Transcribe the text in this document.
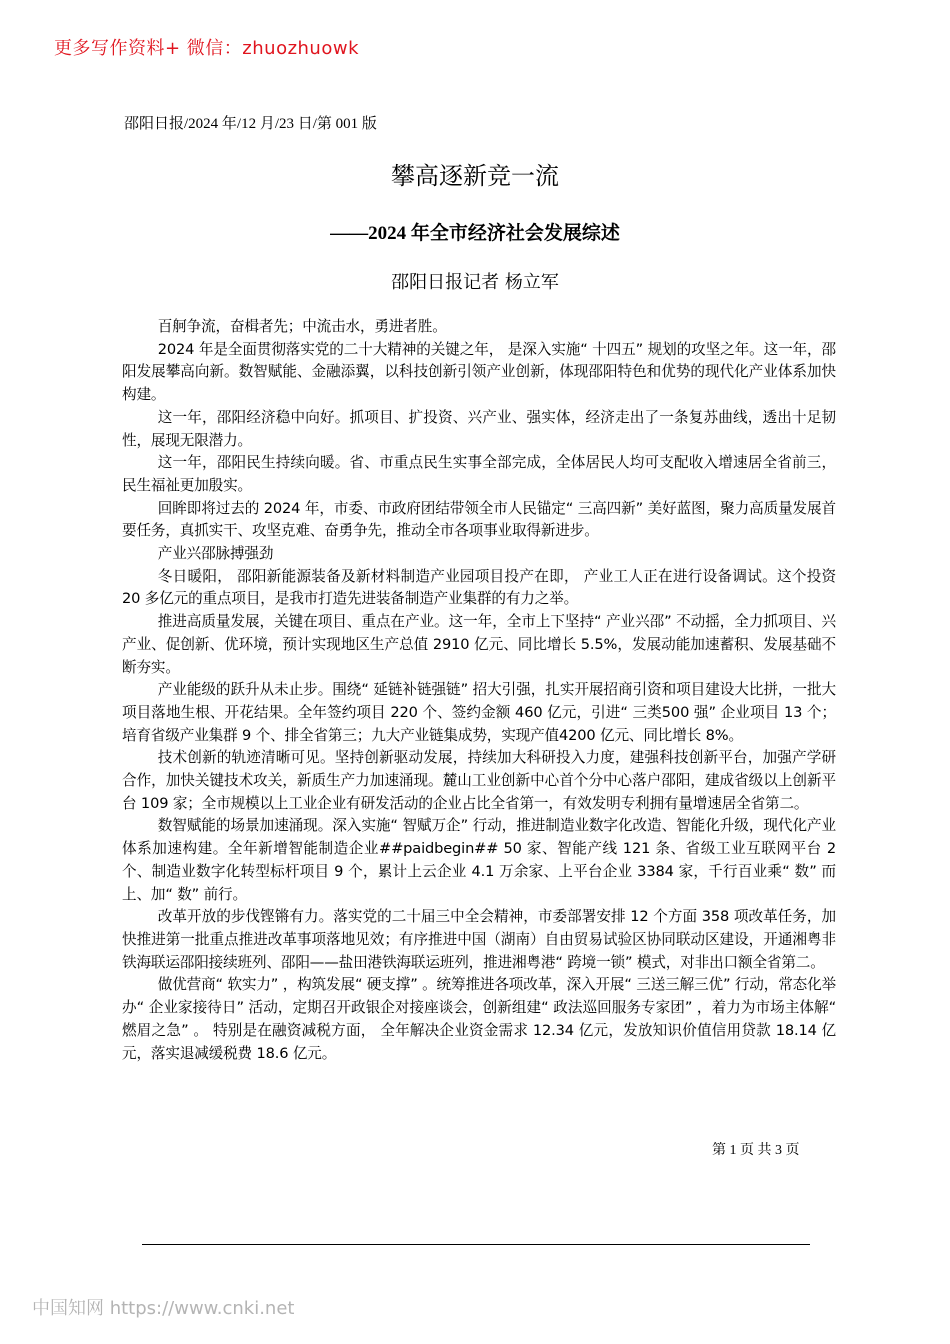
更多写作资料+ 微信：zhuozhuowk
邵阳日报/2024 年/12 月/23 日/第 001 版
攀高逐新竞一流
——2024 年全市经济社会发展综述
邵阳日报记者 杨立军

百舸争流，奋楫者先；中流击水，勇进者胜。

2024 年是全面贯彻落实党的二十大精神的关键之年， 是深入实施“ 十四五” 规划的攻坚之年。这一年，邵阳发展攀高向新。数智赋能、金融添翼，以科技创新引领产业创新，体现邵阳特色和优势的现代化产业体系加快构建。

这一年，邵阳经济稳中向好。抓项目、扩投资、兴产业、强实体，经济走出了一条复苏曲线，透出十足韧性，展现无限潜力。

这一年，邵阳民生持续向暖。省、市重点民生实事全部完成，全体居民人均可支配收入增速居全省前三，民生福祉更加殷实。

回眸即将过去的 2024 年，市委、市政府团结带领全市人民锚定“ 三高四新” 美好蓝图，聚力高质量发展首要任务，真抓实干、攻坚克难、奋勇争先，推动全市各项事业取得新进步。

产业兴邵脉搏强劲

冬日暖阳， 邵阳新能源装备及新材料制造产业园项目投产在即， 产业工人正在进行设备调试。这个投资 20 多亿元的重点项目，是我市打造先进装备制造产业集群的有力之举。

推进高质量发展，关键在项目、重点在产业。这一年，全市上下坚持“ 产业兴邵” 不动摇，全力抓项目、兴产业、促创新、优环境，预计实现地区生产总值 2910 亿元、同比增长 5.5%，发展动能加速蓄积、发展基础不断夯实。

产业能级的跃升从未止步。围绕“ 延链补链强链” 招大引强，扎实开展招商引资和项目建设大比拼，一批大项目落地生根、开花结果。全年签约项目 220 个、签约金额 460 亿元，引进“ 三类500 强” 企业项目 13 个；培育省级产业集群 9 个、排全省第三；九大产业链集成势，实现产值4200 亿元、同比增长 8%。

技术创新的轨迹清晰可见。坚持创新驱动发展，持续加大科研投入力度，建强科技创新平台，加强产学研合作，加快关键技术攻关，新质生产力加速涌现。麓山工业创新中心首个分中心落户邵阳，建成省级以上创新平台 109 家；全市规模以上工业企业有研发活动的企业占比全省第一，有效发明专利拥有量增速居全省第二。

数智赋能的场景加速涌现。深入实施“ 智赋万企” 行动，推进制造业数字化改造、智能化升级，现代化产业体系加速构建。全年新增智能制造企业##paidbegin## 50 家、智能产线 121 条、省级工业互联网平台 2 个、制造业数字化转型标杆项目 9 个，累计上云企业 4.1 万余家、上平台企业 3384 家，千行百业乘“ 数” 而上、加“ 数” 前行。

改革开放的步伐铿锵有力。落实党的二十届三中全会精神，市委部署安排 12 个方面 358 项改革任务，加快推进第一批重点推进改革事项落地见效；有序推进中国（湖南）自由贸易试验区协同联动区建设，开通湘粤非铁海联运邵阳接续班列、邵阳——盐田港铁海联运班列，推进湘粤港“ 跨境一锁” 模式，对非出口额全省第二。

做优营商“ 软实力” ，构筑发展“ 硬支撑” 。统筹推进各项改革，深入开展“ 三送三解三优” 行动，常态化举办“ 企业家接待日” 活动，定期召开政银企对接座谈会，创新组建“ 政法巡回服务专家团” ，着力为市场主体解“ 燃眉之急” 。 特别是在融资减税方面， 全年解决企业资金需求 12.34 亿元，发放知识价值信用贷款 18.14 亿元，落实退减缓税费 18.6 亿元。

第 1 页 共 3 页
中国知网 https://www.cnki.net
